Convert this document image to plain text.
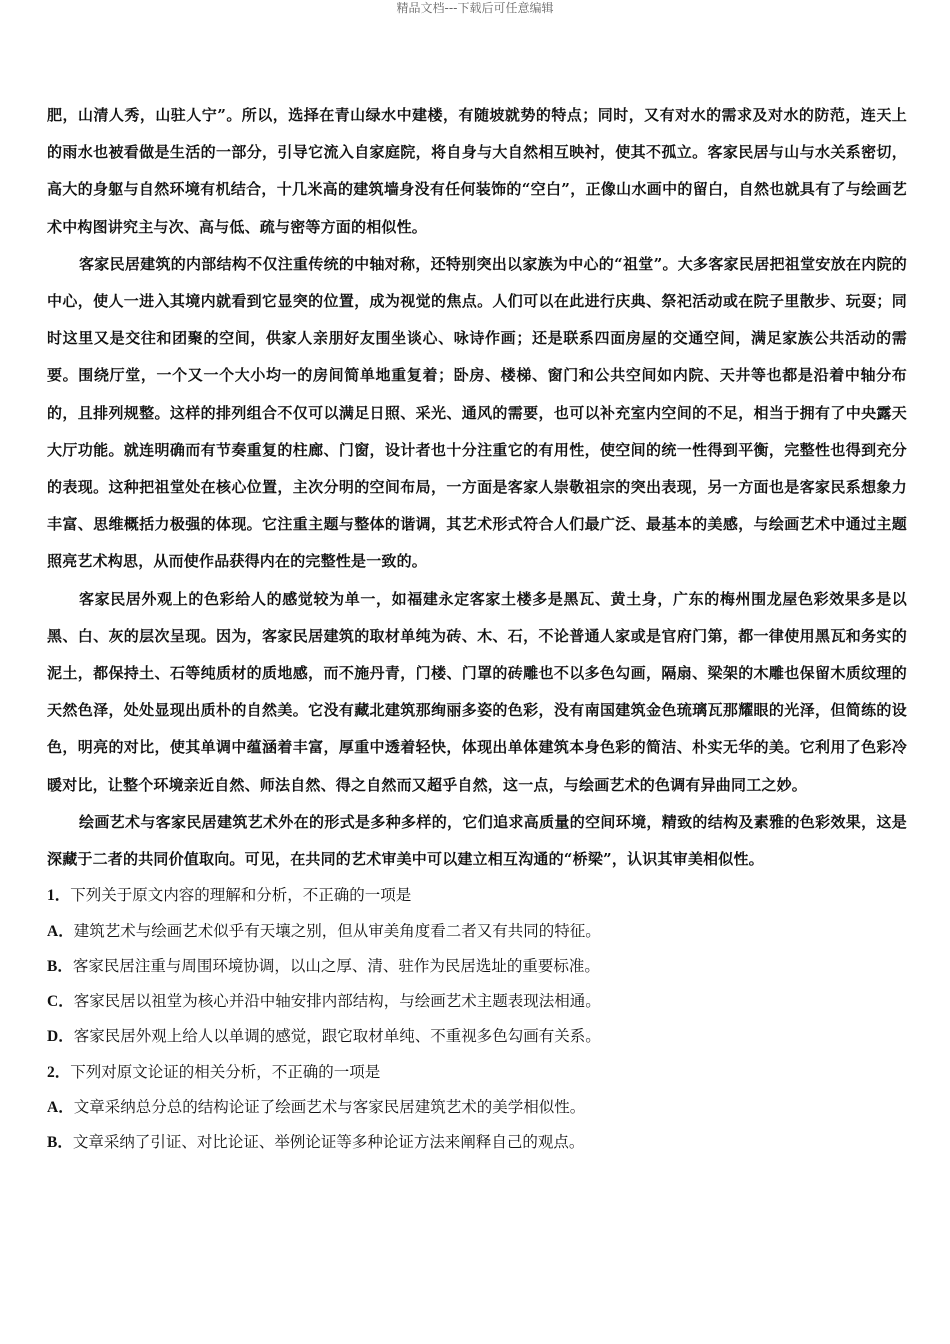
精品文档---下载后可任意编辑

肥，山清人秀，山驻人宁”。所以，选择在青山绿水中建楼，有随坡就势的特点；同时，又有对水的需求及对水的防范，连天上的雨水也被看做是生活的一部分，引导它流入自家庭院，将自身与大自然相互映衬，使其不孤立。客家民居与山与水关系密切，高大的身躯与自然环境有机结合，十几米高的建筑墙身没有任何装饰的“空白”，正像山水画中的留白，自然也就具有了与绘画艺术中构图讲究主与次、高与低、疏与密等方面的相似性。

客家民居建筑的内部结构不仅注重传统的中轴对称，还特别突出以家族为中心的“祖堂”。大多客家民居把祖堂安放在内院的中心，使人一进入其境内就看到它显突的位置，成为视觉的焦点。人们可以在此进行庆典、祭祀活动或在院子里散步、玩耍；同时这里又是交往和团聚的空间，供家人亲朋好友围坐谈心、咏诗作画；还是联系四面房屋的交通空间，满足家族公共活动的需要。围绕厅堂，一个又一个大小均一的房间简单地重复着；卧房、楼梯、窗门和公共空间如内院、天井等也都是沿着中轴分布的，且排列规整。这样的排列组合不仅可以满足日照、采光、通风的需要，也可以补充室内空间的不足，相当于拥有了中央露天大厅功能。就连明确而有节奏重复的柱廊、门窗，设计者也十分注重它的有用性，使空间的统一性得到平衡，完整性也得到充分的表现。这种把祖堂处在核心位置，主次分明的空间布局，一方面是客家人崇敬祖宗的突出表现，另一方面也是客家民系想象力丰富、思维概括力极强的体现。它注重主题与整体的谐调，其艺术形式符合人们最广泛、最基本的美感，与绘画艺术中通过主题照亮艺术构思，从而使作品获得内在的完整性是一致的。

客家民居外观上的色彩给人的感觉较为单一，如福建永定客家土楼多是黑瓦、黄土身，广东的梅州围龙屋色彩效果多是以黑、白、灰的层次呈现。因为，客家民居建筑的取材单纯为砖、木、石，不论普通人家或是官府门第，都一律使用黑瓦和务实的泥土，都保持土、石等纯质材的质地感，而不施丹青，门楼、门罩的砖雕也不以多色勾画，隔扇、梁架的木雕也保留木质纹理的天然色泽，处处显现出质朴的自然美。它没有藏北建筑那绚丽多姿的色彩，没有南国建筑金色琉璃瓦那耀眼的光泽，但简练的设色，明亮的对比，使其单调中蕴涵着丰富，厚重中透着轻快，体现出单体建筑本身色彩的简洁、朴实无华的美。它利用了色彩冷暖对比，让整个环境亲近自然、师法自然、得之自然而又超乎自然，这一点，与绘画艺术的色调有异曲同工之妙。

绘画艺术与客家民居建筑艺术外在的形式是多种多样的，它们追求高质量的空间环境，精致的结构及素雅的色彩效果，这是深藏于二者的共同价值取向。可见，在共同的艺术审美中可以建立相互沟通的“桥梁”，认识其审美相似性。

1．下列关于原文内容的理解和分析，不正确的一项是

A．建筑艺术与绘画艺术似乎有天壤之别，但从审美角度看二者又有共同的特征。

B．客家民居注重与周围环境协调，以山之厚、清、驻作为民居选址的重要标准。

C．客家民居以祖堂为核心并沿中轴安排内部结构，与绘画艺术主题表现法相通。

D．客家民居外观上给人以单调的感觉，跟它取材单纯、不重视多色勾画有关系。

2．下列对原文论证的相关分析，不正确的一项是

A．文章采纳总分总的结构论证了绘画艺术与客家民居建筑艺术的美学相似性。

B．文章采纳了引证、对比论证、举例论证等多种论证方法来阐释自己的观点。
